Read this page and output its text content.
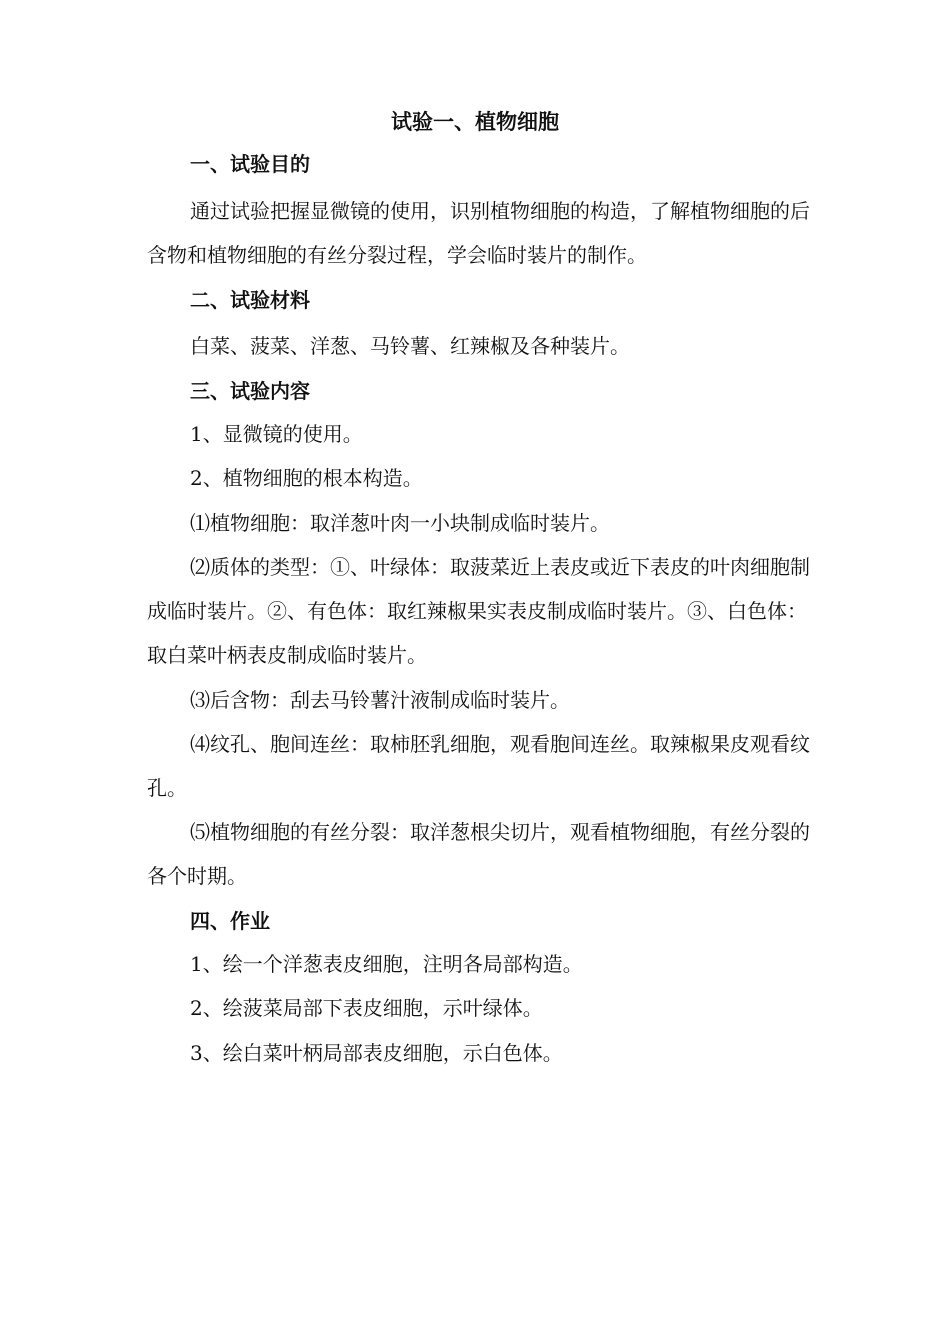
试验一、植物细胞
一、试验目的

通过试验把握显微镜的使用，识别植物细胞的构造，了解植物细胞的后含物和植物细胞的有丝分裂过程，学会临时装片的制作。

二、试验材料

白菜、菠菜、洋葱、马铃薯、红辣椒及各种装片。

三、试验内容

1、显微镜的使用。

2、植物细胞的根本构造。

⑴植物细胞：取洋葱叶肉一小块制成临时装片。

⑵质体的类型：①、叶绿体：取菠菜近上表皮或近下表皮的叶肉细胞制成临时装片。②、有色体：取红辣椒果实表皮制成临时装片。③、白色体：取白菜叶柄表皮制成临时装片。

⑶后含物：刮去马铃薯汁液制成临时装片。

⑷纹孔、胞间连丝：取柿胚乳细胞，观看胞间连丝。取辣椒果皮观看纹孔。

⑸植物细胞的有丝分裂：取洋葱根尖切片，观看植物细胞，有丝分裂的各个时期。

四、作业

1、绘一个洋葱表皮细胞，注明各局部构造。

2、绘菠菜局部下表皮细胞，示叶绿体。

3、绘白菜叶柄局部表皮细胞，示白色体。
